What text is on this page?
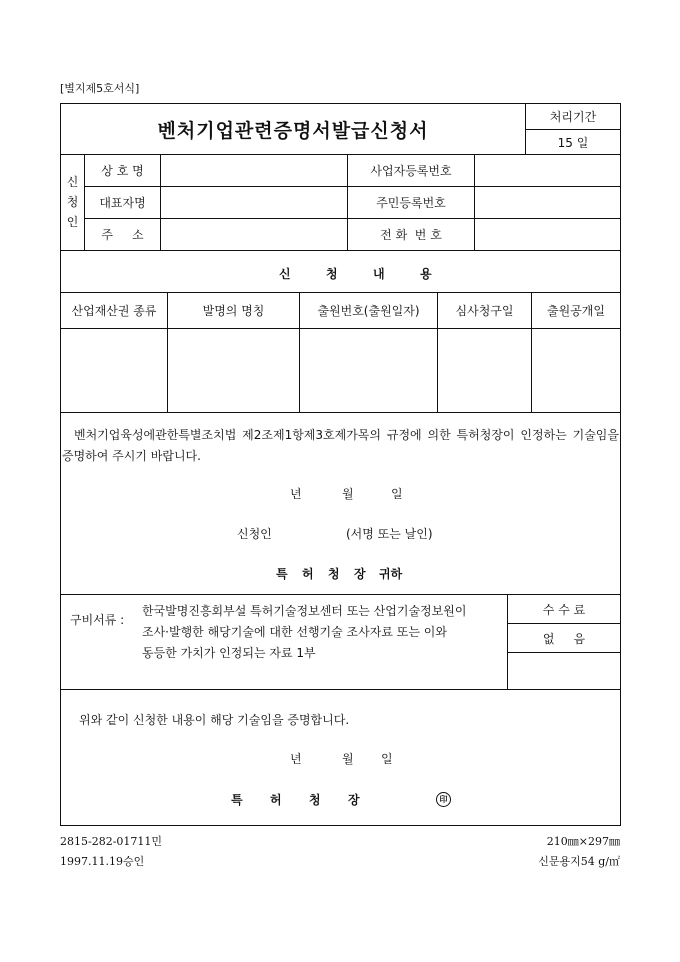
[별지제5호서식]
벤처기업관련증명서발급신청서
처리기간
15 일
신
청
인
상 호 명	사업자등록번호
대표자명	주민등록번호
주     소	전 화  번 호
신	청	내	용
산업재산권 종류	발명의 명칭	출원번호(출원일자)	심사청구일	출원공개일
벤처기업육성에관한특별조치법 제2조제1항제3호제가목의 규정에 의한 특허청장이 인정하는 기술임을 증명하여 주시기 바랍니다.
년	월	일
신청인	(서명 또는 날인)
특 허 청 장 귀하
구비서류 :
한국발명진흥회부설 특허기술정보센터 또는 산업기술정보원이
조사·발행한 해당기술에 대한 선행기술 조사자료 또는 이와
동등한 가치가 인정되는 자료 1부
수 수 료
없     음
위와 같이 신청한 내용이 해당 기술임을 증명합니다.
년	월 일
특 허 청 장	印
2815-282-01711민
1997.11.19승인
210㎜×297㎜
신문용지54 g/㎡
